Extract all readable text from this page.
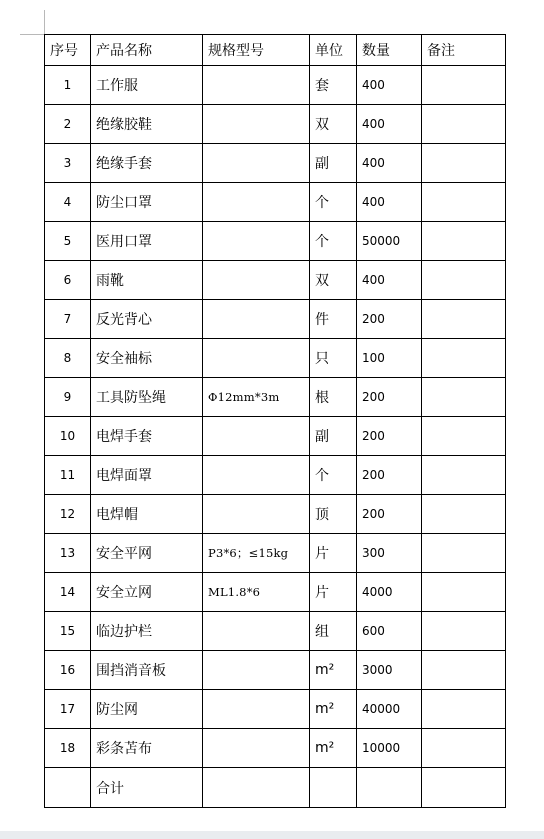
序号	产品名称	规格型号	单位	数量	备注
1	工作服		套	400	
2	绝缘胶鞋		双	400	
3	绝缘手套		副	400	
4	防尘口罩		个	400	
5	医用口罩		个	50000	
6	雨靴		双	400	
7	反光背心		件	200	
8	安全袖标		只	100	
9	工具防坠绳	Φ12mm*3m	根	200	
10	电焊手套		副	200	
11	电焊面罩		个	200	
12	电焊帽		顶	200	
13	安全平网	P3*6；≤15kg	片	300	
14	安全立网	ML1.8*6	片	4000	
15	临边护栏		组	600	
16	围挡消音板		m²	3000	
17	防尘网		m²	40000	
18	彩条苫布		m²	10000	
	合计				
